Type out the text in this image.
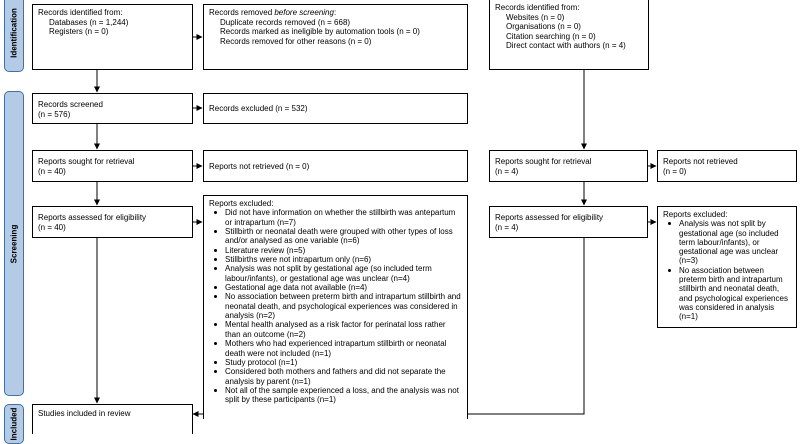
Identification
Screening
Included
Records identified from:
Databases (n = 1,244)
Registers (n = 0)
Records removed before screening:
Duplicate records removed (n = 668)
Records marked as ineligible by automation tools (n = 0)
Records removed for other reasons (n = 0)
Records screened
(n = 576)
Records excluded (n = 532)
Reports sought for retrieval
(n = 40)
Reports not retrieved (n = 0)
Reports assessed for eligibility
(n = 40)
Reports excluded:
Did not have information on whether the stillbirth was antepartum or intrapartum (n=7)
Stillbirth or neonatal death were grouped with other types of loss and/or analysed as one variable (n=6)
Literature review (n=5)
Stillbirths were not intrapartum only (n=6)
Analysis was not split by gestational age (so included term labour/infants), or gestational age was unclear (n=4)
Gestational age data not available (n=4)
No association between preterm birth and intrapartum stillbirth and neonatal death, and psychological experiences was considered in analysis (n=2)
Mental health analysed as a risk factor for perinatal loss rather than an outcome (n=2)
Mothers who had experienced intrapartum stillbirth or neonatal death were not included (n=1)
Study protocol (n=1)
Considered both mothers and fathers and did not separate the analysis by parent (n=1)
Not all of the sample experienced a loss, and the analysis was not split by these participants (n=1)
Studies included in review
Records identified from:
Websites (n = 0)
Organisations (n = 0)
Citation searching (n = 0)
Direct contact with authors (n = 4)
Reports sought for retrieval
(n = 4)
Reports not retrieved
(n = 0)
Reports assessed for eligibility
(n = 4)
Reports excluded:
Analysis was not split by gestational age (so included term labour/infants), or gestational age was unclear (n=3)
No association between preterm birth and intrapartum stillbirth and neonatal death, and psychological experiences was considered in analysis (n=1)
